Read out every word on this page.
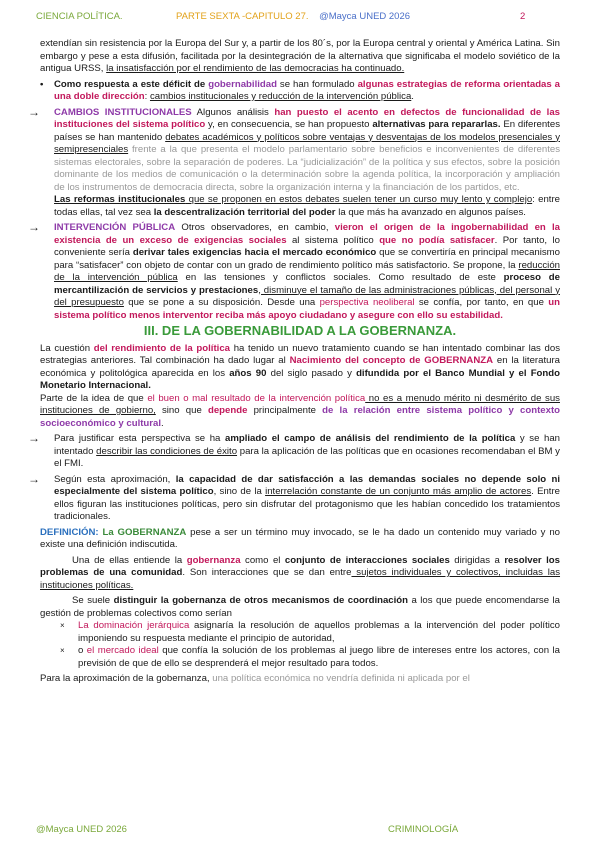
CIENCIA POLÍTICA.	PARTE SEXTA -CAPITULO 27. @Mayca UNED 2026	2

extendían sin resistencia por la Europa del Sur y, a partir de los 80´s, por la Europa central y oriental y América Latina. Sin embargo y pese a esta difusión, facilitada por la desintegración de la alternativa que significaba el modelo soviético de la antigua URSS, la insatisfacción por el rendimiento de las democracias ha continuado.

• Como respuesta a este déficit de gobernabilidad se han formulado algunas estrategias de reforma orientadas a una doble dirección: cambios institucionales y reducción de la intervención pública.

→ CAMBIOS INSTITUCIONALES Algunos análisis han puesto el acento en defectos de funcionalidad de las instituciones del sistema político y, en consecuencia, se han propuesto alternativas para repararlas. En diferentes países se han mantenido debates académicos y políticos sobre ventajas y desventajas de los modelos presenciales y semipresenciales frente a la que presenta el modelo parlamentario sobre beneficios e inconvenientes de diferentes sistemas electorales, sobre la separación de poderes. La “judicialización” de la política y sus efectos, sobre la posición dominante de los medios de comunicación o la determinación sobre la agenda política, la incorporación y ampliación de los instrumentos de democracia directa, sobre la organización interna y la financiación de los partidos, etc.
Las reformas institucionales que se proponen en estos debates suelen tener un curso muy lento y complejo: entre todas ellas, tal vez sea la descentralización territorial del poder la que más ha avanzado en algunos países.

→ INTERVENCIÓN PÚBLICA Otros observadores, en cambio, vieron el origen de la ingobernabilidad en la existencia de un exceso de exigencias sociales al sistema político que no podía satisfacer. Por tanto, lo conveniente sería derivar tales exigencias hacia el mercado económico que se convertiría en principal mecanismo para “satisfacer” con objeto de contar con un grado de rendimiento político más satisfactorio. Se propone, la reducción de la intervención pública en las tensiones y conflictos sociales. Como resultado de este proceso de mercantilización de servicios y prestaciones, disminuye el tamaño de las administraciones públicas, del personal y del presupuesto que se pone a su disposición. Desde una perspectiva neoliberal se confía, por tanto, en que un sistema político menos interventor reciba más apoyo ciudadano y asegure con ello su estabilidad.

III. DE LA GOBERNABILIDAD A LA GOBERNANZA.

La cuestión del rendimiento de la política ha tenido un nuevo tratamiento cuando se han intentado combinar las dos estrategias anteriores. Tal combinación ha dado lugar al Nacimiento del concepto de GOBERNANZA en la literatura económica y politológica aparecida en los años 90 del siglo pasado y difundida por el Banco Mundial y el Fondo Monetario Internacional.

Parte de la idea de que el buen o mal resultado de la intervención política no es a menudo mérito ni desmérito de sus instituciones de gobierno, sino que depende principalmente de la relación entre sistema político y contexto socioeconómico y cultural.

→ Para justificar esta perspectiva se ha ampliado el campo de análisis del rendimiento de la política y se han intentado describir las condiciones de éxito para la aplicación de las políticas que en ocasiones recomendaban el BM y el FMI.

→ Según esta aproximación, la capacidad de dar satisfacción a las demandas sociales no depende solo ni especialmente del sistema político, sino de la interrelación constante de un conjunto más amplio de actores. Entre ellos figuran las instituciones políticas, pero sin disfrutar del protagonismo que les habían concedido los tratamientos tradicionales.

DEFINICIÓN: La GOBERNANZA pese a ser un término muy invocado, se le ha dado un contenido muy variado y no existe una definición indiscutida.

Una de ellas entiende la gobernanza como el conjunto de interacciones sociales dirigidas a resolver los problemas de una comunidad. Son interacciones que se dan entre sujetos individuales y colectivos, incluidas las instituciones políticas.

Se suele distinguir la gobernanza de otros mecanismos de coordinación a los que puede encomendarse la gestión de problemas colectivos como serían

× La dominación jerárquica asignaría la resolución de aquellos problemas a la intervención del poder político imponiendo su respuesta mediante el principio de autoridad,

× o el mercado ideal que confía la solución de los problemas al juego libre de intereses entre los actores, con la previsión de que de ello se desprenderá el mejor resultado para todos.

Para la aproximación de la gobernanza, una política económica no vendría definida ni aplicada por el

@Mayca UNED 2026	CRIMINOLOGÍA
